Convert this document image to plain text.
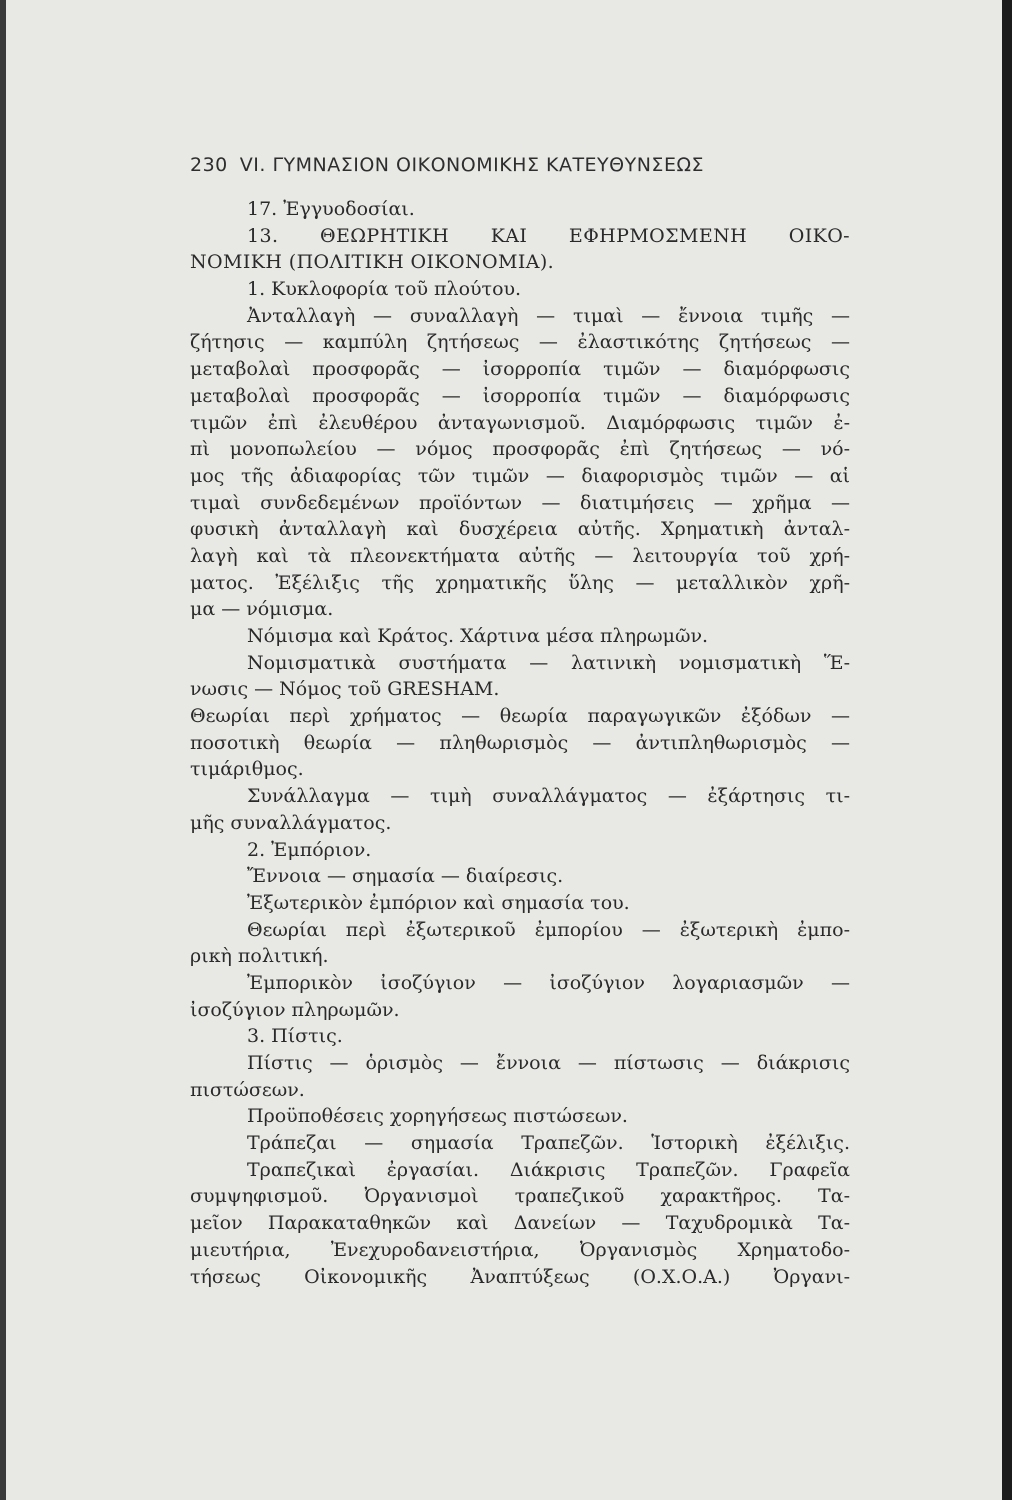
230 VI. ΓΥΜΝΑΣΙΟΝ ΟΙΚΟΝΟΜΙΚΗΣ ΚΑΤΕΥΘΥΝΣΕΩΣ
17. Ἐγγυοδοσίαι.
13. ΘΕΩΡΗΤΙΚΗ ΚΑΙ ΕΦΗΡΜΟΣΜΕΝΗ ΟΙΚΟ-
ΝΟΜΙΚΗ (ΠΟΛΙΤΙΚΗ ΟΙΚΟΝΟΜΙΑ).
1. Κυκλοφορία τοῦ πλούτου.
Ἀνταλλαγὴ — συναλλαγὴ — τιμαὶ — ἔννοια τιμῆς —
ζήτησις — καμπύλη ζητήσεως — ἐλαστικότης ζητήσεως —
μεταβολαὶ προσφορᾶς — ἰσορροπία τιμῶν — διαμόρφωσις
μεταβολαὶ προσφορᾶς — ἰσορροπία τιμῶν — διαμόρφωσις
τιμῶν ἐπὶ ἐλευθέρου ἀνταγωνισμοῦ. Διαμόρφωσις τιμῶν ἐ-
πὶ μονοπωλείου — νόμος προσφορᾶς ἐπὶ ζητήσεως — νό-
μος τῆς ἀδιαφορίας τῶν τιμῶν — διαφορισμὸς τιμῶν — αἱ
τιμαὶ συνδεδεμένων προϊόντων — διατιμήσεις — χρῆμα —
φυσικὴ ἀνταλλαγὴ καὶ δυσχέρεια αὐτῆς. Χρηματικὴ ἀνταλ-
λαγὴ καὶ τὰ πλεονεκτήματα αὐτῆς — λειτουργία τοῦ χρή-
ματος. Ἐξέλιξις τῆς χρηματικῆς ὕλης — μεταλλικὸν χρῆ-
μα — νόμισμα.
Νόμισμα καὶ Κράτος. Χάρτινα μέσα πληρωμῶν.
Νομισματικὰ συστήματα — λατινικὴ νομισματικὴ Ἕ-
νωσις — Νόμος τοῦ GRESHAM.
Θεωρίαι περὶ χρήματος — θεωρία παραγωγικῶν ἐξόδων —
ποσοτικὴ θεωρία — πληθωρισμὸς — ἀντιπληθωρισμὸς —
τιμάριθμος.
Συνάλλαγμα — τιμὴ συναλλάγματος — ἐξάρτησις τι-
μῆς συναλλάγματος.
2. Ἐμπόριον.
Ἔννοια — σημασία — διαίρεσις.
Ἐξωτερικὸν ἐμπόριον καὶ σημασία του.
Θεωρίαι περὶ ἐξωτερικοῦ ἐμπορίου — ἐξωτερικὴ ἐμπο-
ρικὴ πολιτική.
Ἐμπορικὸν ἰσοζύγιον — ἰσοζύγιον λογαριασμῶν —
ἰσοζύγιον πληρωμῶν.
3. Πίστις.
Πίστις — ὁρισμὸς — ἔννοια — πίστωσις — διάκρισις
πιστώσεων.
Προϋποθέσεις χορηγήσεως πιστώσεων.
Τράπεζαι — σημασία Τραπεζῶν. Ἱστορικὴ ἐξέλιξις.
Τραπεζικαὶ ἐργασίαι. Διάκρισις Τραπεζῶν. Γραφεῖα
συμψηφισμοῦ. Ὀργανισμοὶ τραπεζικοῦ χαρακτῆρος. Τα-
μεῖον Παρακαταθηκῶν καὶ Δανείων — Ταχυδρομικὰ Τα-
μιευτήρια, Ἐνεχυροδανειστήρια, Ὀργανισμὸς Χρηματοδο-
τήσεως Οἰκονομικῆς Ἀναπτύξεως (Ο.Χ.Ο.Α.) Ὀργανι-
